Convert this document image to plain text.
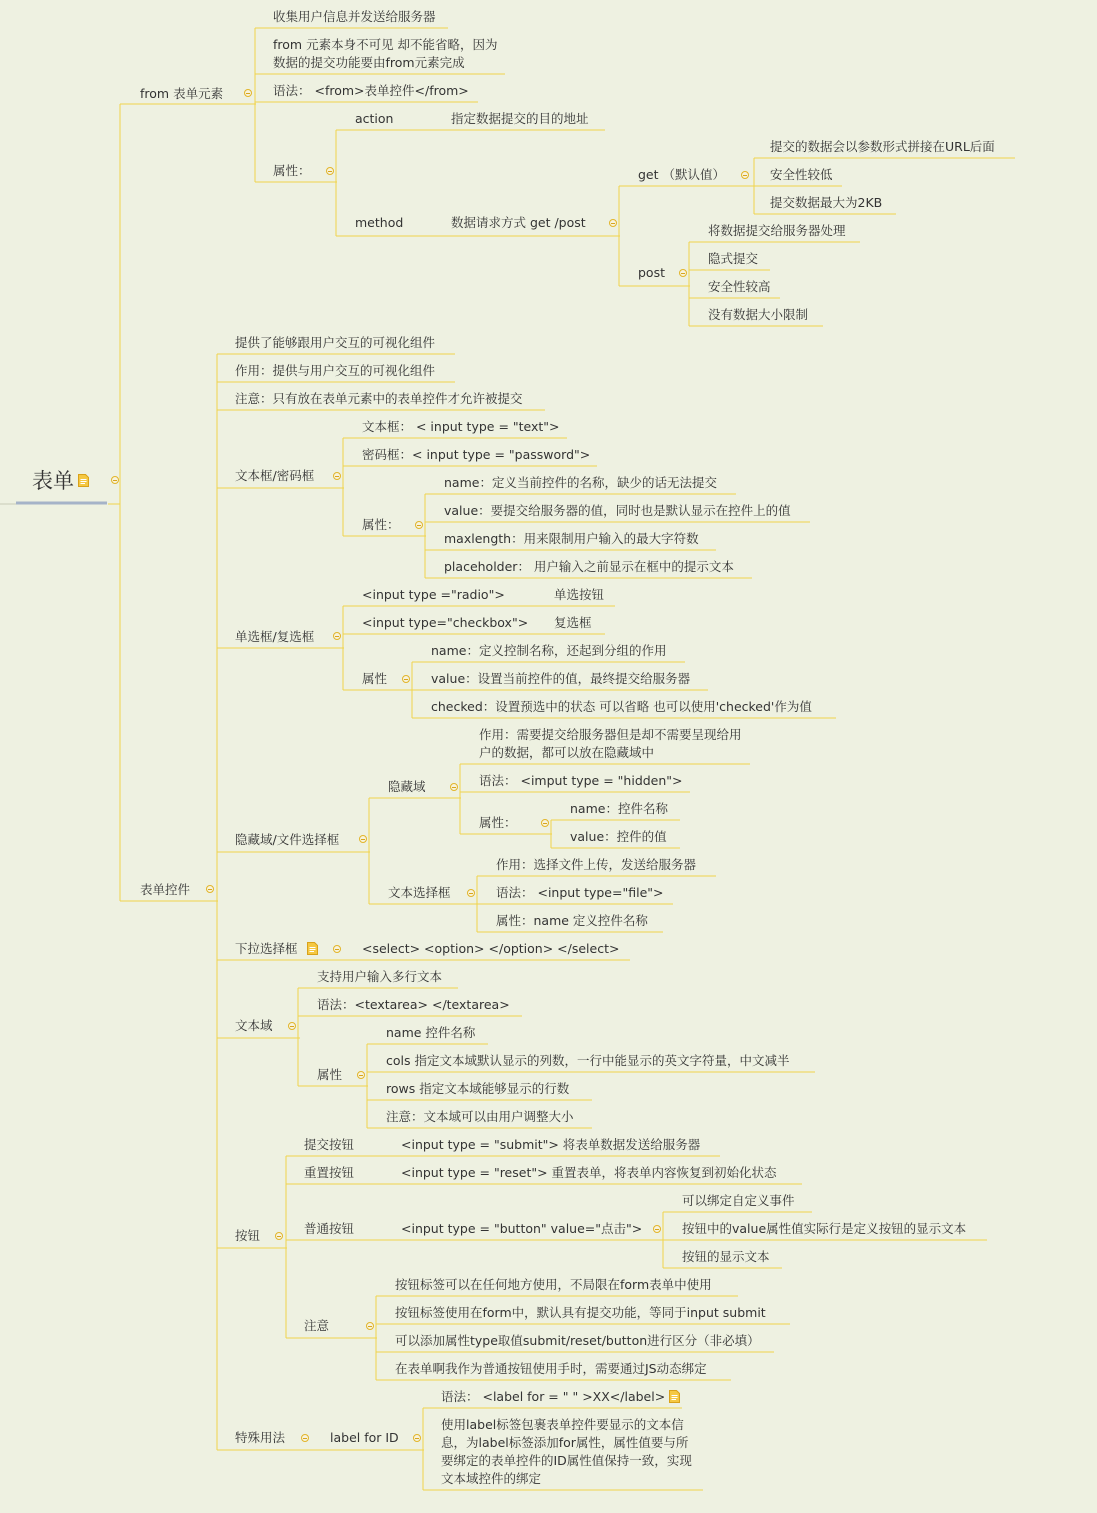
表单
from 表单元素
收集用户信息并发送给服务器
from 元素本身不可见 却不能省略，因为数据的提交功能要由from元素完成
语法： <from>表单控件</from>
属性：
action	指定数据提交的目的地址
method	数据请求方式 get /post
get （默认值）
提交的数据会以参数形式拼接在URL后面
安全性较低
提交数据最大为2KB
post
将数据提交给服务器处理
隐式提交
安全性较高
没有数据大小限制
表单控件
提供了能够跟用户交互的可视化组件
作用：提供与用户交互的可视化组件
注意：只有放在表单元素中的表单控件才允许被提交
文本框/密码框
文本框： < input type = "text">
密码框：< input type = "password">
属性：
name：定义当前控件的名称，缺少的话无法提交
value：要提交给服务器的值，同时也是默认显示在控件上的值
maxlength：用来限制用户输入的最大字符数
placeholder： 用户输入之前显示在框中的提示文本
单选框/复选框
<input type ="radio">	单选按钮
<input type="checkbox"> 复选框
属性
name：定义控制名称，还起到分组的作用
value：设置当前控件的值，最终提交给服务器
checked：设置预选中的状态 可以省略 也可以使用'checked'作为值
隐藏域/文件选择框
隐藏域
作用：需要提交给服务器但是却不需要呈现给用户的数据，都可以放在隐藏域中
语法： <imput type = "hidden">
属性：
name：控件名称
value：控件的值
文本选择框
作用：选择文件上传，发送给服务器
语法： <input type="file">
属性：name 定义控件名称
下拉选择框	<select> <option> </option> </select>
文本域
支持用户输入多行文本
语法：<textarea> </textarea>
属性
name 控件名称
cols 指定文本域默认显示的列数，一行中能显示的英文字符量，中文减半
rows 指定文本域能够显示的行数
注意：文本域可以由用户调整大小
按钮
提交按钮	<input type = "submit"> 将表单数据发送给服务器
重置按钮	<input type = "reset"> 重置表单，将表单内容恢复到初始化状态
普通按钮	<input type = "button" value="点击">
可以绑定自定义事件
按钮中的value属性值实际行是定义按钮的显示文本
按钮的显示文本
注意
按钮标签可以在任何地方使用，不局限在form表单中使用
按钮标签使用在form中，默认具有提交功能，等同于input submit
可以添加属性type取值submit/reset/button进行区分（非必填）
在表单啊我作为普通按钮使用手时，需要通过JS动态绑定
特殊用法	label for ID
语法： <label for = " " >XX</label>
使用label标签包裹表单控件要显示的文本信息，为label标签添加for属性，属性值要与所要绑定的表单控件的ID属性值保持一致，实现文本域控件的绑定
